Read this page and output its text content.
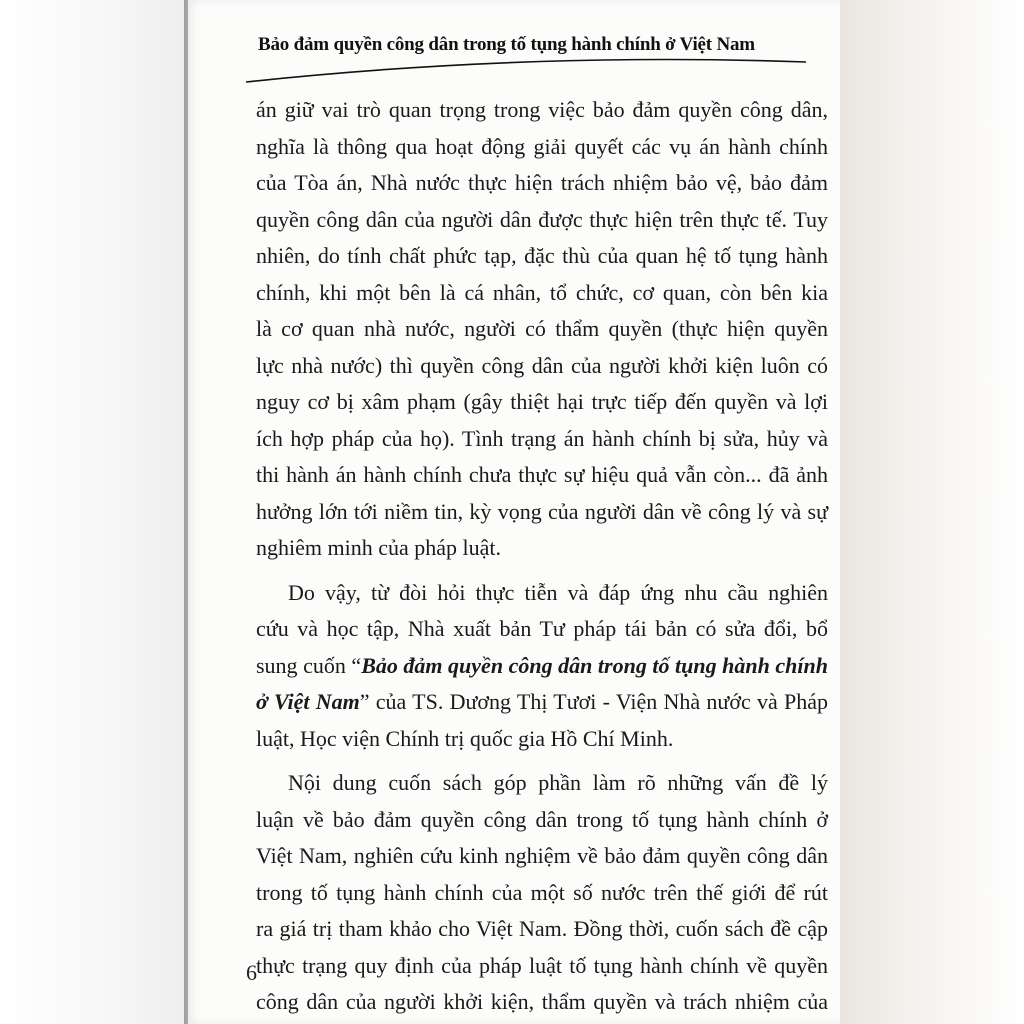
Bảo đảm quyền công dân trong tố tụng hành chính ở Việt Nam
án giữ vai trò quan trọng trong việc bảo đảm quyền công dân,
nghĩa là thông qua hoạt động giải quyết các vụ án hành chính
của Tòa án, Nhà nước thực hiện trách nhiệm bảo vệ, bảo đảm
quyền công dân của người dân được thực hiện trên thực tế. Tuy
nhiên, do tính chất phức tạp, đặc thù của quan hệ tố tụng hành
chính, khi một bên là cá nhân, tổ chức, cơ quan, còn bên kia
là cơ quan nhà nước, người có thẩm quyền (thực hiện quyền
lực nhà nước) thì quyền công dân của người khởi kiện luôn có
nguy cơ bị xâm phạm (gây thiệt hại trực tiếp đến quyền và lợi
ích hợp pháp của họ). Tình trạng án hành chính bị sửa, hủy và
thi hành án hành chính chưa thực sự hiệu quả vẫn còn... đã ảnh
hưởng lớn tới niềm tin, kỳ vọng của người dân về công lý và sự
nghiêm minh của pháp luật.
Do vậy, từ đòi hỏi thực tiễn và đáp ứng nhu cầu nghiên
cứu và học tập, Nhà xuất bản Tư pháp tái bản có sửa đổi, bổ
sung cuốn “Bảo đảm quyền công dân trong tố tụng hành chính
ở Việt Nam” của TS. Dương Thị Tươi - Viện Nhà nước và Pháp
luật, Học viện Chính trị quốc gia Hồ Chí Minh.
Nội dung cuốn sách góp phần làm rõ những vấn đề lý
luận về bảo đảm quyền công dân trong tố tụng hành chính ở
Việt Nam, nghiên cứu kinh nghiệm về bảo đảm quyền công dân
trong tố tụng hành chính của một số nước trên thế giới để rút
ra giá trị tham khảo cho Việt Nam. Đồng thời, cuốn sách đề cập
thực trạng quy định của pháp luật tố tụng hành chính về quyền
công dân của người khởi kiện, thẩm quyền và trách nhiệm của
6
